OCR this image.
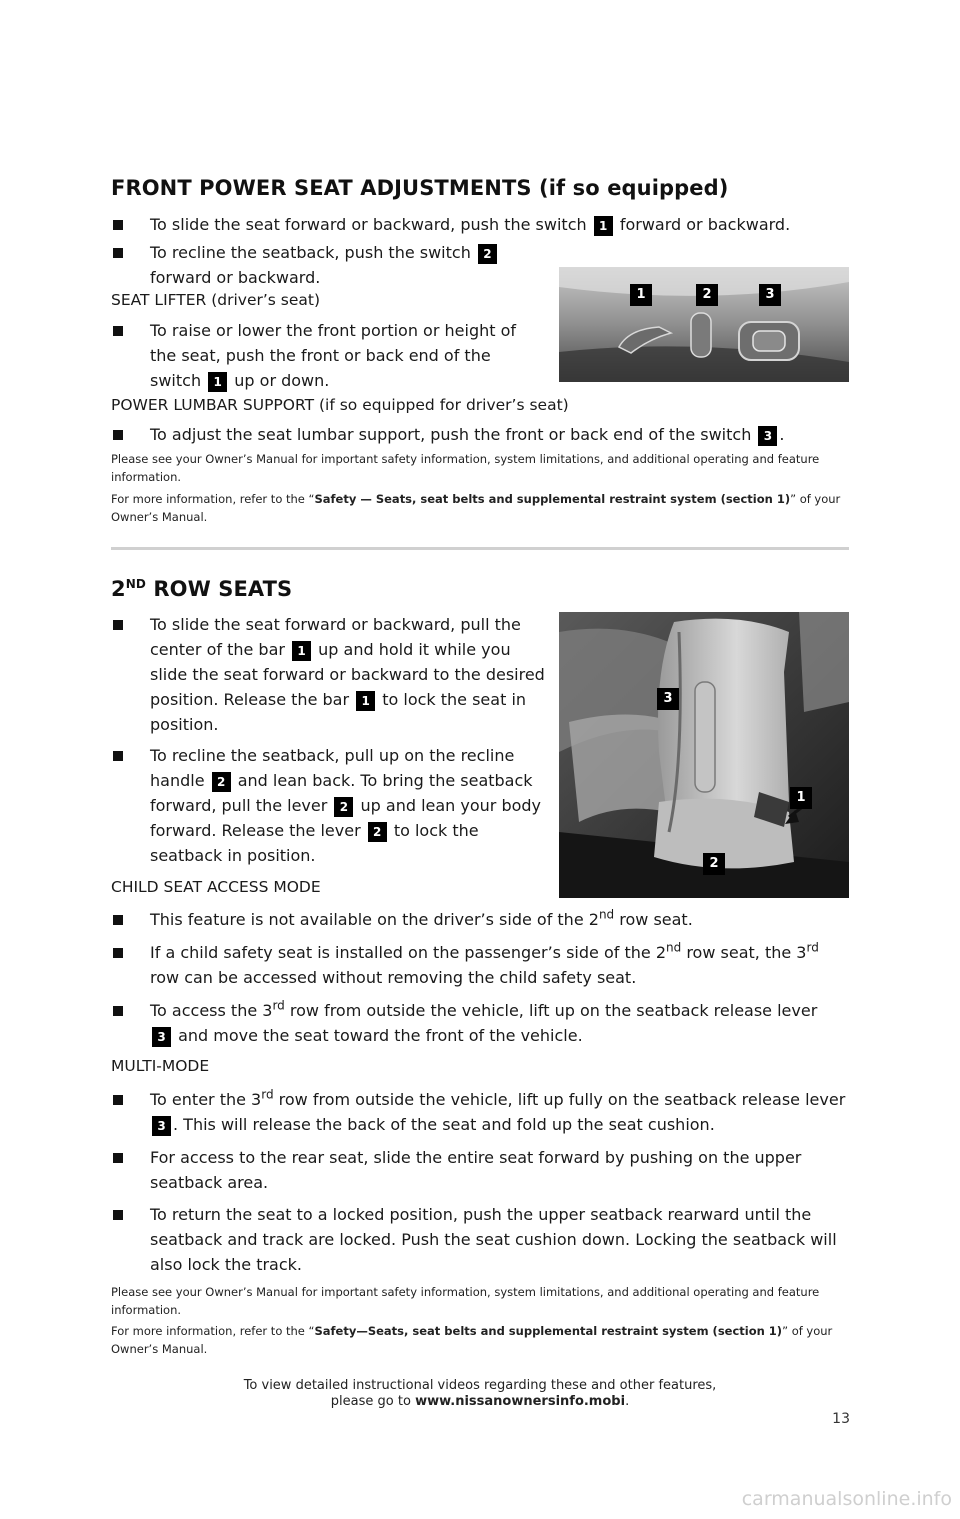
FRONT POWER SEAT ADJUSTMENTS (if so equipped)
To slide the seat forward or backward, push the switch 1 forward or backward.
To recline the seatback, push the switch 2 forward or backward.
SEAT LIFTER (driver’s seat)
To raise or lower the front portion or height of the seat, push the front or back end of the switch 1 up or down.
1	2	3
POWER LUMBAR SUPPORT (if so equipped for driver’s seat)
To adjust the seat lumbar support, push the front or back end of the switch 3 .
Please see your Owner’s Manual for important safety information, system limitations, and additional operating and feature information.
For more information, refer to the “Safety — Seats, seat belts and supplemental restraint system (section 1)” of your Owner’s Manual.
2ND ROW SEATS
To slide the seat forward or backward, pull the center of the bar 1 up and hold it while you slide the seat forward or backward to the desired position. Release the bar 1 to lock the seat in position.
To recline the seatback, pull up on the recline handle 2 and lean back. To bring the seatback forward, pull the lever 2 up and lean your body forward. Release the lever 2 to lock the seatback in position.
3
1
2
CHILD SEAT ACCESS MODE
This feature is not available on the driver’s side of the 2nd row seat.
If a child safety seat is installed on the passenger’s side of the 2nd row seat, the 3rd row can be accessed without removing the child safety seat.
To access the 3rd row from outside the vehicle, lift up on the seatback release lever 3 and move the seat toward the front of the vehicle.
MULTI-MODE
To enter the 3rd row from outside the vehicle, lift up fully on the seatback release lever 3 . This will release the back of the seat and fold up the seat cushion.
For access to the rear seat, slide the entire seat forward by pushing on the upper seatback area.
To return the seat to a locked position, push the upper seatback rearward until the seatback and track are locked. Push the seat cushion down. Locking the seatback will also lock the track.
Please see your Owner’s Manual for important safety information, system limitations, and additional operating and feature information.
For more information, refer to the “Safety—Seats, seat belts and supplemental restraint system (section 1)” of your Owner’s Manual.
To view detailed instructional videos regarding these and other features,
please go to www.nissanownersinfo.mobi.
13
carmanualsonline.info
